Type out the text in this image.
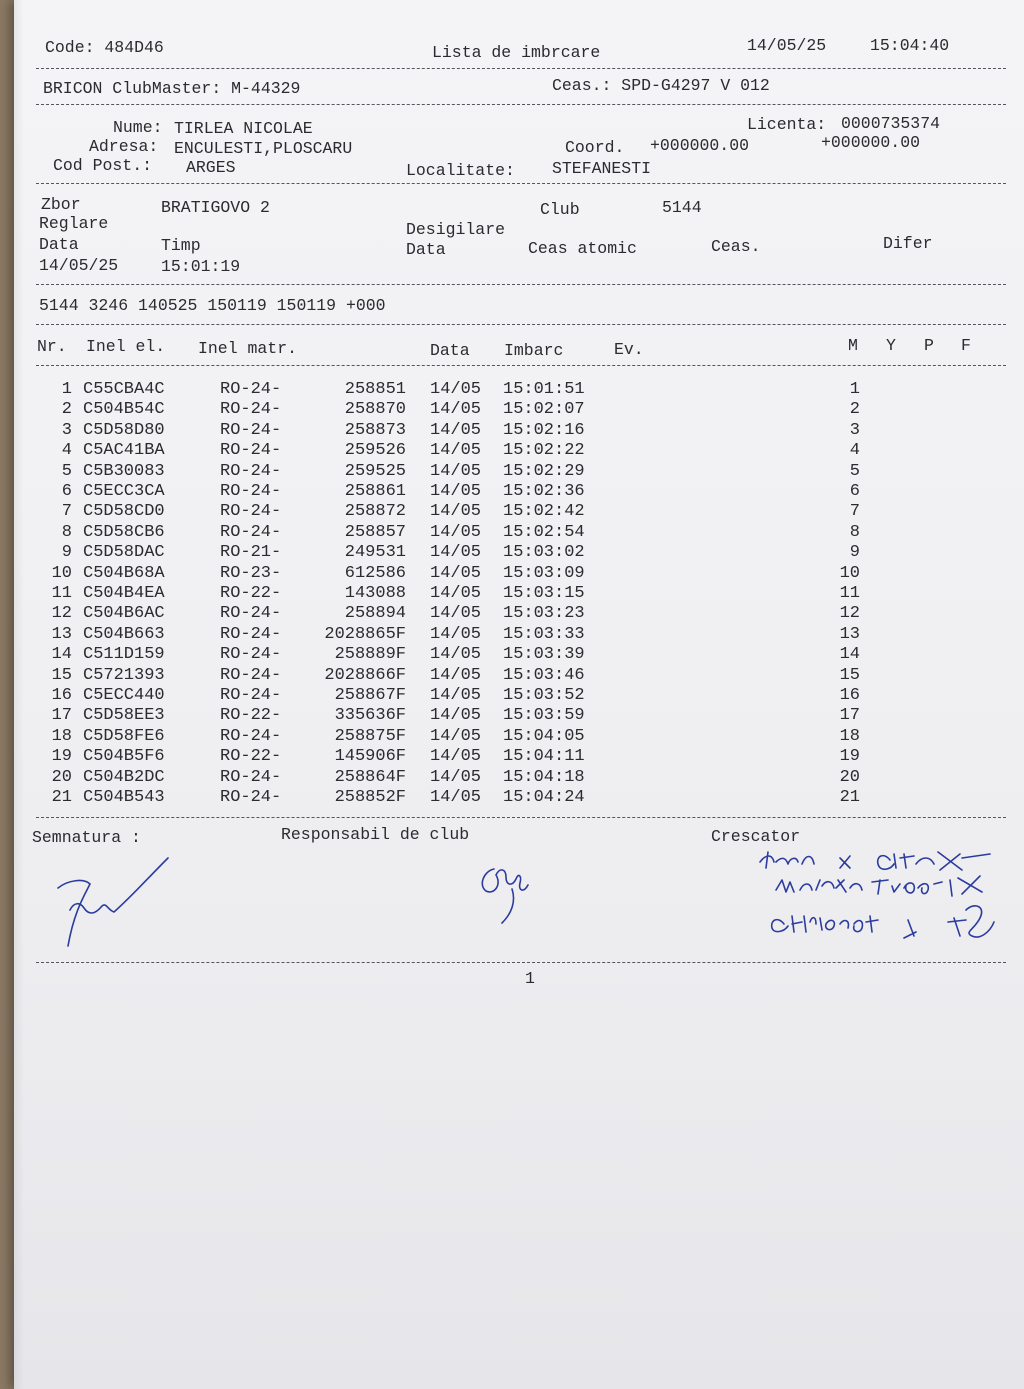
Code: 484D46	Lista de imbrcare	14/05/25	15:04:40
BRICON ClubMaster: M-44329	Ceas.: SPD-G4297 V 012
Nume: TIRLEA NICOLAE	Licenta: 0000735374
Adresa: ENCULESTI,PLOSCARU	Coord. +000000.00	+000000.00
Cod Post.: ARGES	Localitate: STEFANESTI
Zbor	BRATIGOVO 2	Club	5144
Reglare	Desigilare
Data	Timp	Data	Ceas atomic	Ceas.	Difer
14/05/25	15:01:19
5144 3246 140525 150119 150119 +000
Nr. Inel el. Inel matr.	Data Imbarc	Ev.	M Y P F
1 C55CBA4C	RO-24-	258851 14/05 15:01:51	1
2 C504B54C	RO-24-	258870 14/05 15:02:07	2
3 C5D58D80	RO-24-	258873 14/05 15:02:16	3
4 C5AC41BA	RO-24-	259526 14/05 15:02:22	4
5 C5B30083	RO-24-	259525 14/05 15:02:29	5
6 C5ECC3CA	RO-24-	258861 14/05 15:02:36	6
7 C5D58CD0	RO-24-	258872 14/05 15:02:42	7
8 C5D58CB6	RO-24-	258857 14/05 15:02:54	8
9 C5D58DAC	RO-21-	249531 14/05 15:03:02	9
10 C504B68A	RO-23-	612586 14/05 15:03:09	10
11 C504B4EA	RO-22-	143088 14/05 15:03:15	11
12 C504B6AC	RO-24-	258894 14/05 15:03:23	12
13 C504B663	RO-24-	2028865F 14/05 15:03:33	13
14 C511D159	RO-24-	258889F 14/05 15:03:39	14
15 C5721393	RO-24-	2028866F 14/05 15:03:46	15
16 C5ECC440	RO-24-	258867F 14/05 15:03:52	16
17 C5D58EE3	RO-22-	335636F 14/05 15:03:59	17
18 C5D58FE6	RO-24-	258875F 14/05 15:04:05	18
19 C504B5F6	RO-22-	145906F 14/05 15:04:11	19
20 C504B2DC	RO-24-	258864F 14/05 15:04:18	20
21 C504B543	RO-24-	258852F 14/05 15:04:24	21
Semnatura :	Responsabil de club	Crescator
1
